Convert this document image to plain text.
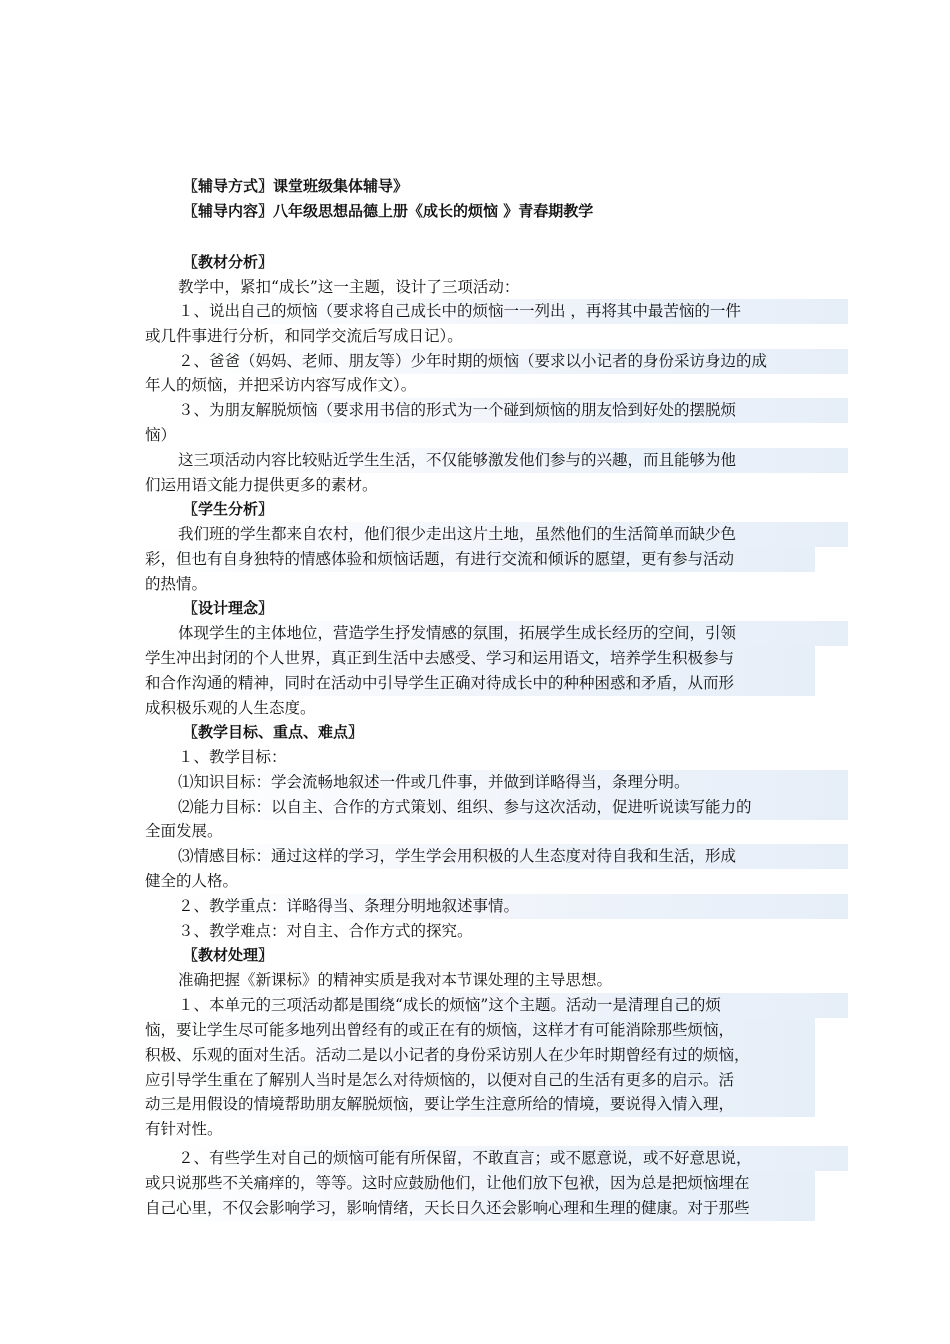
〖辅导方式〗课堂班级集体辅导》
〖辅导内容〗八年级思想品德上册《成长的烦恼 》青春期教学
〖教材分析〗
教学中，紧扣“成长”这一主题，设计了三项活动：
１、说出自己的烦恼（要求将自己成长中的烦恼一一列出 ，再将其中最苦恼的一件
或几件事进行分析，和同学交流后写成日记）。
２、爸爸（妈妈、老师、朋友等）少年时期的烦恼（要求以小记者的身份采访身边的成
年人的烦恼，并把采访内容写成作文）。
３、为朋友解脱烦恼（要求用书信的形式为一个碰到烦恼的朋友恰到好处的摆脱烦
恼）
这三项活动内容比较贴近学生生活，不仅能够激发他们参与的兴趣，而且能够为他
们运用语文能力提供更多的素材。
〖学生分析〗
我们班的学生都来自农村，他们很少走出这片土地，虽然他们的生活简单而缺少色
彩，但也有自身独特的情感体验和烦恼话题，有进行交流和倾诉的愿望，更有参与活动
的热情。
〖设计理念〗
体现学生的主体地位，营造学生抒发情感的氛围，拓展学生成长经历的空间，引领
学生冲出封闭的个人世界，真正到生活中去感受、学习和运用语文，培养学生积极参与
和合作沟通的精神，同时在活动中引导学生正确对待成长中的种种困惑和矛盾，从而形
成积极乐观的人生态度。
〖教学目标、重点、难点〗
１、教学目标：
⑴知识目标：学会流畅地叙述一件或几件事，并做到详略得当，条理分明。
⑵能力目标：以自主、合作的方式策划、组织、参与这次活动，促进听说读写能力的
全面发展。
⑶情感目标：通过这样的学习，学生学会用积极的人生态度对待自我和生活，形成
健全的人格。
２、教学重点：详略得当、条理分明地叙述事情。
３、教学难点：对自主、合作方式的探究。
〖教材处理〗
准确把握《新课标》的精神实质是我对本节课处理的主导思想。
１、本单元的三项活动都是围绕“成长的烦恼”这个主题。活动一是清理自己的烦
恼，要让学生尽可能多地列出曾经有的或正在有的烦恼，这样才有可能消除那些烦恼，
积极、乐观的面对生活。活动二是以小记者的身份采访别人在少年时期曾经有过的烦恼，
应引导学生重在了解别人当时是怎么对待烦恼的，以便对自己的生活有更多的启示。活
动三是用假设的情境帮助朋友解脱烦恼，要让学生注意所给的情境，要说得入情入理，
有针对性。
２、有些学生对自己的烦恼可能有所保留，不敢直言；或不愿意说，或不好意思说，
或只说那些不关痛痒的，等等。这时应鼓励他们，让他们放下包袱，因为总是把烦恼埋在
自己心里，不仅会影响学习，影响情绪，天长日久还会影响心理和生理的健康。对于那些
